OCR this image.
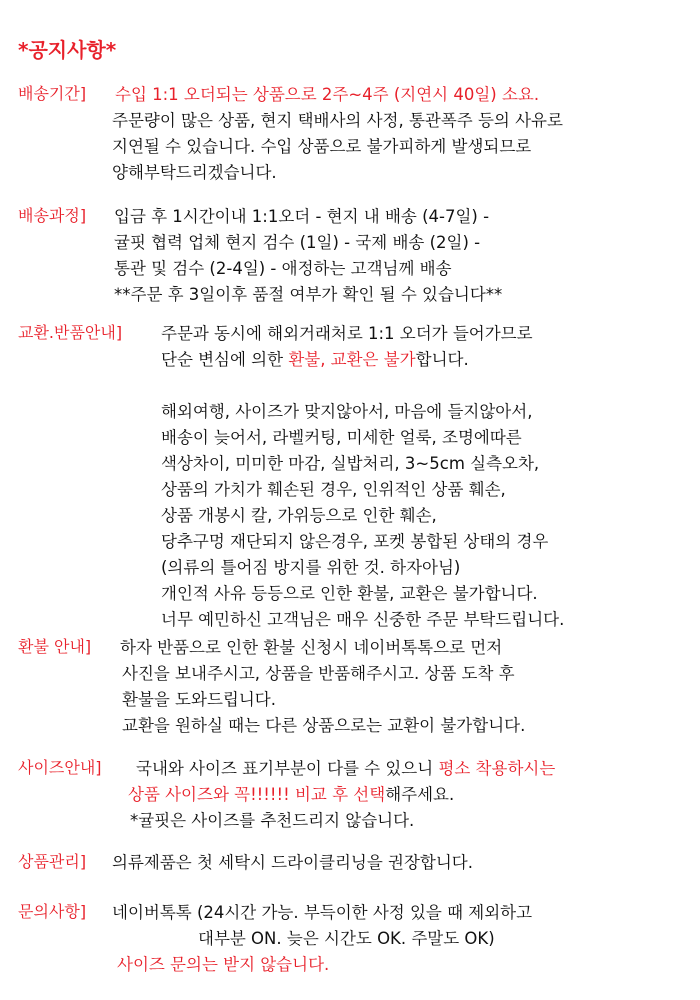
*공지사항*
배송기간]	수입 1:1 오더되는 상품으로 2주~4주 (지연시 40일) 소요.
주문량이 많은 상품, 현지 택배사의 사정, 통관폭주 등의 사유로
지연될 수 있습니다. 수입 상품으로 불가피하게 발생되므로
양해부탁드리겠습니다.
배송과정]	입금 후 1시간이내 1:1오더 - 현지 내 배송 (4-7일) -
귤핏 협력 업체 현지 검수 (1일) - 국제 배송 (2일) -
통관 및 검수 (2-4일) - 애정하는 고객님께 배송
**주문 후 3일이후 품절 여부가 확인 될 수 있습니다**
교환.반품안내]	주문과 동시에 해외거래처로 1:1 오더가 들어가므로
단순 변심에 의한 환불, 교환은 불가합니다.
해외여행, 사이즈가 맞지않아서, 마음에 들지않아서,
배송이 늦어서, 라벨커팅, 미세한 얼룩, 조명에따른
색상차이, 미미한 마감, 실밥처리, 3~5cm 실측오차,
상품의 가치가 훼손된 경우, 인위적인 상품 훼손,
상품 개봉시 칼, 가위등으로 인한 훼손,
당추구멍 재단되지 않은경우, 포켓 봉합된 상태의 경우
(의류의 틀어짐 방지를 위한 것. 하자아님)
개인적 사유 등등으로 인한 환불, 교환은 불가합니다.
너무 예민하신 고객님은 매우 신중한 주문 부탁드립니다.
환불 안내]	하자 반품으로 인한 환불 신청시 네이버톡톡으로 먼저
사진을 보내주시고, 상품을 반품해주시고. 상품 도착 후
환불을 도와드립니다.
교환을 원하실 때는 다른 상품으로는 교환이 불가합니다.
사이즈안내]	국내와 사이즈 표기부분이 다를 수 있으니 평소 착용하시는
상품 사이즈와 꼭!!!!!! 비교 후 선택해주세요.
*귤핏은 사이즈를 추천드리지 않습니다.
상품관리]	의류제품은 첫 세탁시 드라이클리닝을 권장합니다.
문의사항]	네이버톡톡 (24시간 가능. 부득이한 사정 있을 때 제외하고
대부분 ON. 늦은 시간도 OK. 주말도 OK)
사이즈 문의는 받지 않습니다.
